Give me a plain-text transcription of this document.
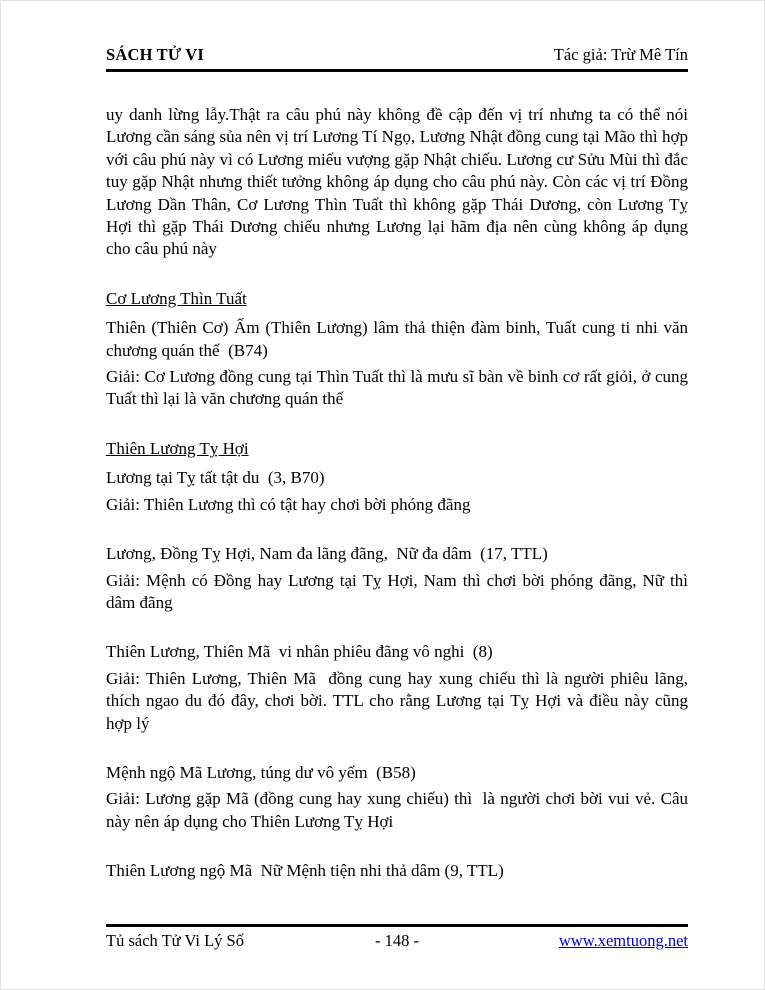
SÁCH TỬ VI	Tác giả: Trừ Mê Tín

uy danh lừng lẫy.Thật ra câu phú này không đề cập đến vị trí nhưng ta có thể nói Lương cần sáng sủa nên vị trí Lương Tí Ngọ, Lương Nhật đồng cung tại Mão thì hợp với câu phú này vì có Lương miếu vượng gặp Nhật chiếu. Lương cư Sửu Mùi thì đắc tuy gặp Nhật nhưng thiết tưởng không áp dụng cho câu phú này. Còn các vị trí Đồng Lương Dần Thân, Cơ Lương Thìn Tuất thì không gặp Thái Dương, còn Lương Tỵ Hợi thì gặp Thái Dương chiếu nhưng Lương lại hãm địa nên cùng không áp dụng cho câu phú này

Cơ Lương Thìn Tuất

Thiên (Thiên Cơ) Ấm (Thiên Lương) lâm thả thiện đàm binh, Tuất cung ti nhi văn chương quán thế  (B74)

Giải: Cơ Lương đồng cung tại Thìn Tuất thì là mưu sĩ bàn về binh cơ rất giỏi, ở cung Tuất thì lại là văn chương quán thế

Thiên Lương Tỵ Hợi

Lương tại Tỵ tất tật du  (3, B70)

Giải: Thiên Lương thì có tật hay chơi bời phóng đãng

Lương, Đồng Tỵ Hợi, Nam đa lãng đãng,  Nữ đa dâm  (17, TTL)

Giải: Mệnh có Đồng hay Lương tại Tỵ Hợi, Nam thì chơi bời phóng đãng, Nữ thì dâm đãng

Thiên Lương, Thiên Mã  vi nhân phiêu đãng vô nghi  (8)

Giải: Thiên Lương, Thiên Mã  đồng cung hay xung chiếu thì là người phiêu lãng, thích ngao du đó đây, chơi bời. TTL cho rằng Lương tại Tỵ Hợi và điều này cũng hợp lý

Mệnh ngộ Mã Lương, túng dư vô yếm  (B58)

Giải: Lương gặp Mã (đồng cung hay xung chiếu) thì  là người chơi bời vui vẻ. Câu này nên áp dụng cho Thiên Lương Tỵ Hợi

Thiên Lương ngộ Mã  Nữ Mệnh tiện nhi thả dâm (9, TTL)

Tủ sách Tử Vi Lý Số	- 148 -	www.xemtuong.net
